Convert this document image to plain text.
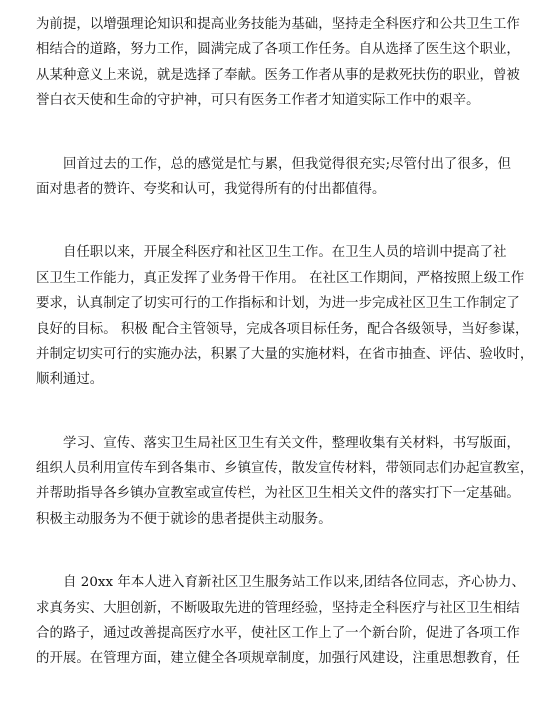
为前提，以增强理论知识和提高业务技能为基础，坚持走全科医疗和公共卫生工作
相结合的道路，努力工作，圆满完成了各项工作任务。自从选择了医生这个职业，
从某种意义上来说，就是选择了奉献。医务工作者从事的是救死扶伤的职业，曾被
誉白衣天使和生命的守护神，可只有医务工作者才知道实际工作中的艰辛。
回首过去的工作，总的感觉是忙与累，但我觉得很充实;尽管付出了很多，但
面对患者的赞许、夸奖和认可，我觉得所有的付出都值得。
自任职以来，开展全科医疗和社区卫生工作。在卫生人员的培训中提高了社
区卫生工作能力，真正发挥了业务骨干作用。 在社区工作期间，严格按照上级工作
要求，认真制定了切实可行的工作指标和计划，为进一步完成社区卫生工作制定了
良好的目标。 积极 配合主管领导，完成各项目标任务，配合各级领导，当好参谋，
并制定切实可行的实施办法，积累了大量的实施材料，在省市抽查、评估、验收时，
顺利通过。
学习、宣传、落实卫生局社区卫生有关文件，整理收集有关材料，书写版面，
组织人员利用宣传车到各集市、乡镇宣传，散发宣传材料，带领同志们办起宣教室，
并帮助指导各乡镇办宣教室或宣传栏，为社区卫生相关文件的落实打下一定基础。
积极主动服务为不便于就诊的患者提供主动服务。
自 20xx 年本人进入育新社区卫生服务站工作以来,团结各位同志，齐心协力、
求真务实、大胆创新，不断吸取先进的管理经验，坚持走全科医疗与社区卫生相结
合的路子，通过改善提高医疗水平，使社区工作上了一个新台阶，促进了各项工作
的开展。在管理方面，建立健全各项规章制度，加强行风建设，注重思想教育，任
